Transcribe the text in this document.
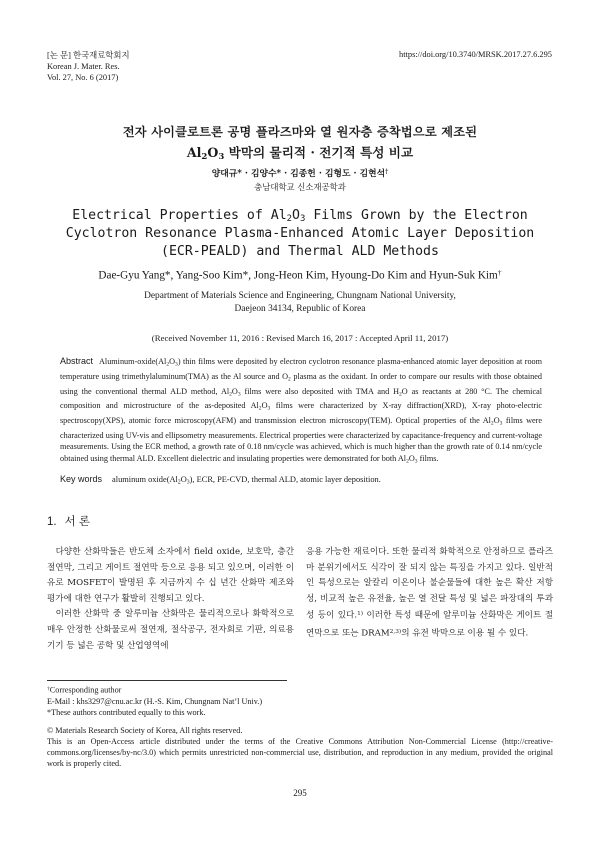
[논 문] 한국재료학회지
Korean J. Mater. Res.
Vol. 27, No. 6 (2017)
https://doi.org/10.3740/MRSK.2017.27.6.295
전자 사이클로트론 공명 플라즈마와 열 원자층 증착법으로 제조된
$Al_2O_3$ 박막의 물리적 · 전기적 특성 비교
양대규* · 김양수* · 김종헌 · 김형도 · 김현석†
충남대학교 신소재공학과
Electrical Properties of $Al_2O_3$ Films Grown by the Electron
Cyclotron Resonance Plasma-Enhanced Atomic Layer Deposition
(ECR-PEALD) and Thermal ALD Methods
Dae-Gyu Yang*, Yang-Soo Kim*, Jong-Heon Kim, Hyoung-Do Kim and Hyun-Suk Kim†
Department of Materials Science and Engineering, Chungnam National University,
Daejeon 34134, Republic of Korea
(Received November 11, 2016 : Revised March 16, 2017 : Accepted April 11, 2017)
Abstract Aluminum-$oxide(Al_2O_3)$ thin films were deposited by electron cyclotron resonance plasma-enhanced atomic layer deposition at room temperature using trimethylaluminum(TMA) as the Al source and $O_2$ plasma as the oxidant. In order to compare our results with those obtained using the conventional thermal ALD method, $Al_2O_3$ films were also deposited with TMA and $H_2O$ as reactants at 280 °C. The chemical composition and microstructure of the as-deposited $Al_2O_3$ films were characterized by X-ray diffraction(XRD), X-ray photo-electric spectroscopy(XPS), atomic force microscopy(AFM) and transmission electron microscopy(TEM). Optical properties of the $Al_2O_3$ films were characterized using UV-vis and ellipsometry measurements. Electrical properties were characterized by capacitance-frequency and current-voltage measurements. Using the ECR method, a growth rate of 0.18 nm/cycle was achieved, which is much higher than the growth rate of 0.14 nm/cycle obtained using thermal ALD. Excellent dielectric and insulating properties were demonstrated for both $Al_2O_3$ films.
Key words aluminum $oxide(Al_2O_3)$, ECR, PE-CVD, thermal ALD, atomic layer deposition.
1. 서 론

다양한 산화막들은 반도체 소자에서 field oxide, 보호막, 층간 절연막, 그리고 게이트 절연막 등으로 응용 되고 있으며, 이러한 이유로 MOSFET이 발명된 후 지금까지 수 십 년간 산화막 제조와 평가에 대한 연구가 활발히 진행되고 있다.

이러한 산화막 중 알루미늄 산화막은 물리적으로나 화학적으로 매우 안정한 산화물로써 절연재, 절삭공구, 전자회로 기판, 의료용 기기 등 넓은 공학 및 산업영역에

응용 가능한 재료이다. 또한 물리적 화학적으로 안정하므로 플라즈마 분위기에서도 식각이 잘 되지 않는 특징을 가지고 있다. 일반적인 특성으로는 알칼리 이온이나 불순물들에 대한 높은 확산 저항성, 비교적 높은 유전율, 높은 열 전달 특성 및 넓은 파장대의 투과성 등이 있다.$^{1)}$ 이러한 특성 때문에 알루미늄 산화막은 게이트 절연막으로 또는 DRAM$^{2,3)}$의 유전 박막으로 이용 될 수 있다.

†Corresponding author
E-Mail : khs3297@cnu.ac.kr (H.-S. Kim, Chungnam Nat’l Univ.)
*These authors contributed equally to this work.
© Materials Research Society of Korea, All rights reserved.
This is an Open-Access article distributed under the terms of the Creative Commons Attribution Non-Commercial License (http://creative-commons.org/licenses/by-nc/3.0) which permits unrestricted non-commercial use, distribution, and reproduction in any medium, provided the original work is properly cited.
295
